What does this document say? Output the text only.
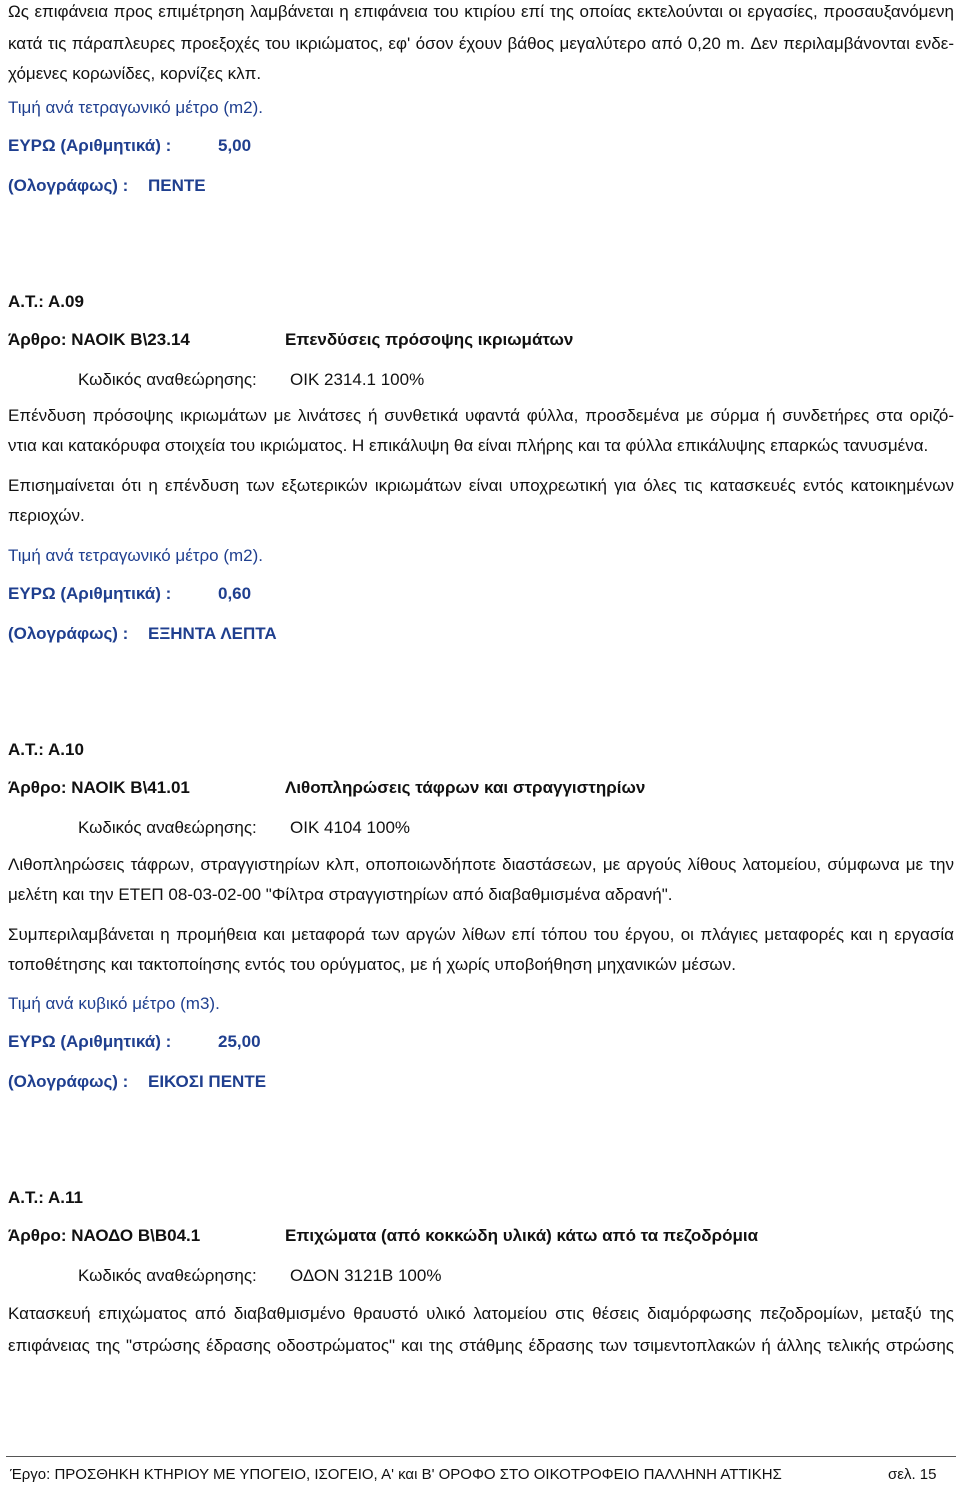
Ως επιφάνεια προς επιμέτρηση λαμβάνεται η επιφάνεια του κτιρίου επί της οποίας εκτελούνται οι εργασίες, προσαυξανόμενη
κατά τις πάραπλευρες προεξοχές του ικριώματος, εφ' όσον έχουν βάθος μεγαλύτερο από 0,20 m. Δεν περιλαμβάνονται ενδε-
χόμενες κορωνίδες, κορνίζες κλπ.
Τιμή ανά τετραγωνικό μέτρο (m2).
ΕΥΡΩ (Αριθμητικά) :	5,00
(Ολογράφως) : ΠΕΝΤΕ
Α.Τ.: Α.09
Άρθρο: ΝΑΟΙΚ Β\23.14	Επενδύσεις πρόσοψης ικριωμάτων
Κωδικός αναθεώρησης: ΟΙΚ 2314.1 100%
Επένδυση πρόσοψης ικριωμάτων με λινάτσες ή συνθετικά υφαντά φύλλα, προσδεμένα με σύρμα ή συνδετήρες στα οριζό-
ντια και κατακόρυφα στοιχεία του ικριώματος. Η επικάλυψη θα είναι πλήρης και τα φύλλα επικάλυψης επαρκώς τανυσμένα.
Επισημαίνεται ότι η επένδυση των εξωτερικών ικριωμάτων είναι υποχρεωτική για όλες τις κατασκευές εντός κατοικημένων
περιοχών.
Τιμή ανά τετραγωνικό μέτρο (m2).
ΕΥΡΩ (Αριθμητικά) :	0,60
(Ολογράφως) : ΕΞΗΝΤΑ ΛΕΠΤΑ
Α.Τ.: Α.10
Άρθρο: ΝΑΟΙΚ Β\41.01	Λιθοπληρώσεις τάφρων και στραγγιστηρίων
Κωδικός αναθεώρησης: ΟΙΚ 4104 100%
Λιθοπληρώσεις τάφρων, στραγγιστηρίων κλπ, οποποιωνδήποτε διαστάσεων, με αργούς λίθους λατομείου, σύμφωνα με την
μελέτη και την ΕΤΕΠ 08-03-02-00 "Φίλτρα στραγγιστηρίων από διαβαθμισμένα αδρανή".
Συμπεριλαμβάνεται η προμήθεια και μεταφορά των αργών λίθων επί τόπου του έργου, οι πλάγιες μεταφορές και η εργασία
τοποθέτησης και τακτοποίησης εντός του ορύγματος, με ή χωρίς υποβοήθηση μηχανικών μέσων.
Τιμή ανά κυβικό μέτρο (m3).
ΕΥΡΩ (Αριθμητικά) :	25,00
(Ολογράφως) : ΕΙΚΟΣΙ ΠΕΝΤΕ
Α.Τ.: Α.11
Άρθρο: ΝΑΟΔΟ Β\Β04.1	Επιχώματα (από κοκκώδη υλικά) κάτω από τα πεζοδρόμια
Κωδικός αναθεώρησης: ΟΔΟΝ 3121Β 100%
Κατασκευή επιχώματος από διαβαθμισμένο θραυστό υλικό λατομείου στις θέσεις διαμόρφωσης πεζοδρομίων, μεταξύ της
επιφάνειας της "στρώσης έδρασης οδοστρώματος" και της στάθμης έδρασης των τσιμεντοπλακών ή άλλης τελικής στρώσης
Έργο: ΠΡΟΣΘΗΚΗ ΚΤΗΡΙΟΥ ΜΕ ΥΠΟΓΕΙΟ, ΙΣΟΓΕΙΟ, Α' και Β' ΟΡΟΦΟ ΣΤΟ ΟΙΚΟΤΡΟΦΕΙΟ ΠΑΛΛΗΝΗ ΑΤΤΙΚΗΣ	σελ. 15
